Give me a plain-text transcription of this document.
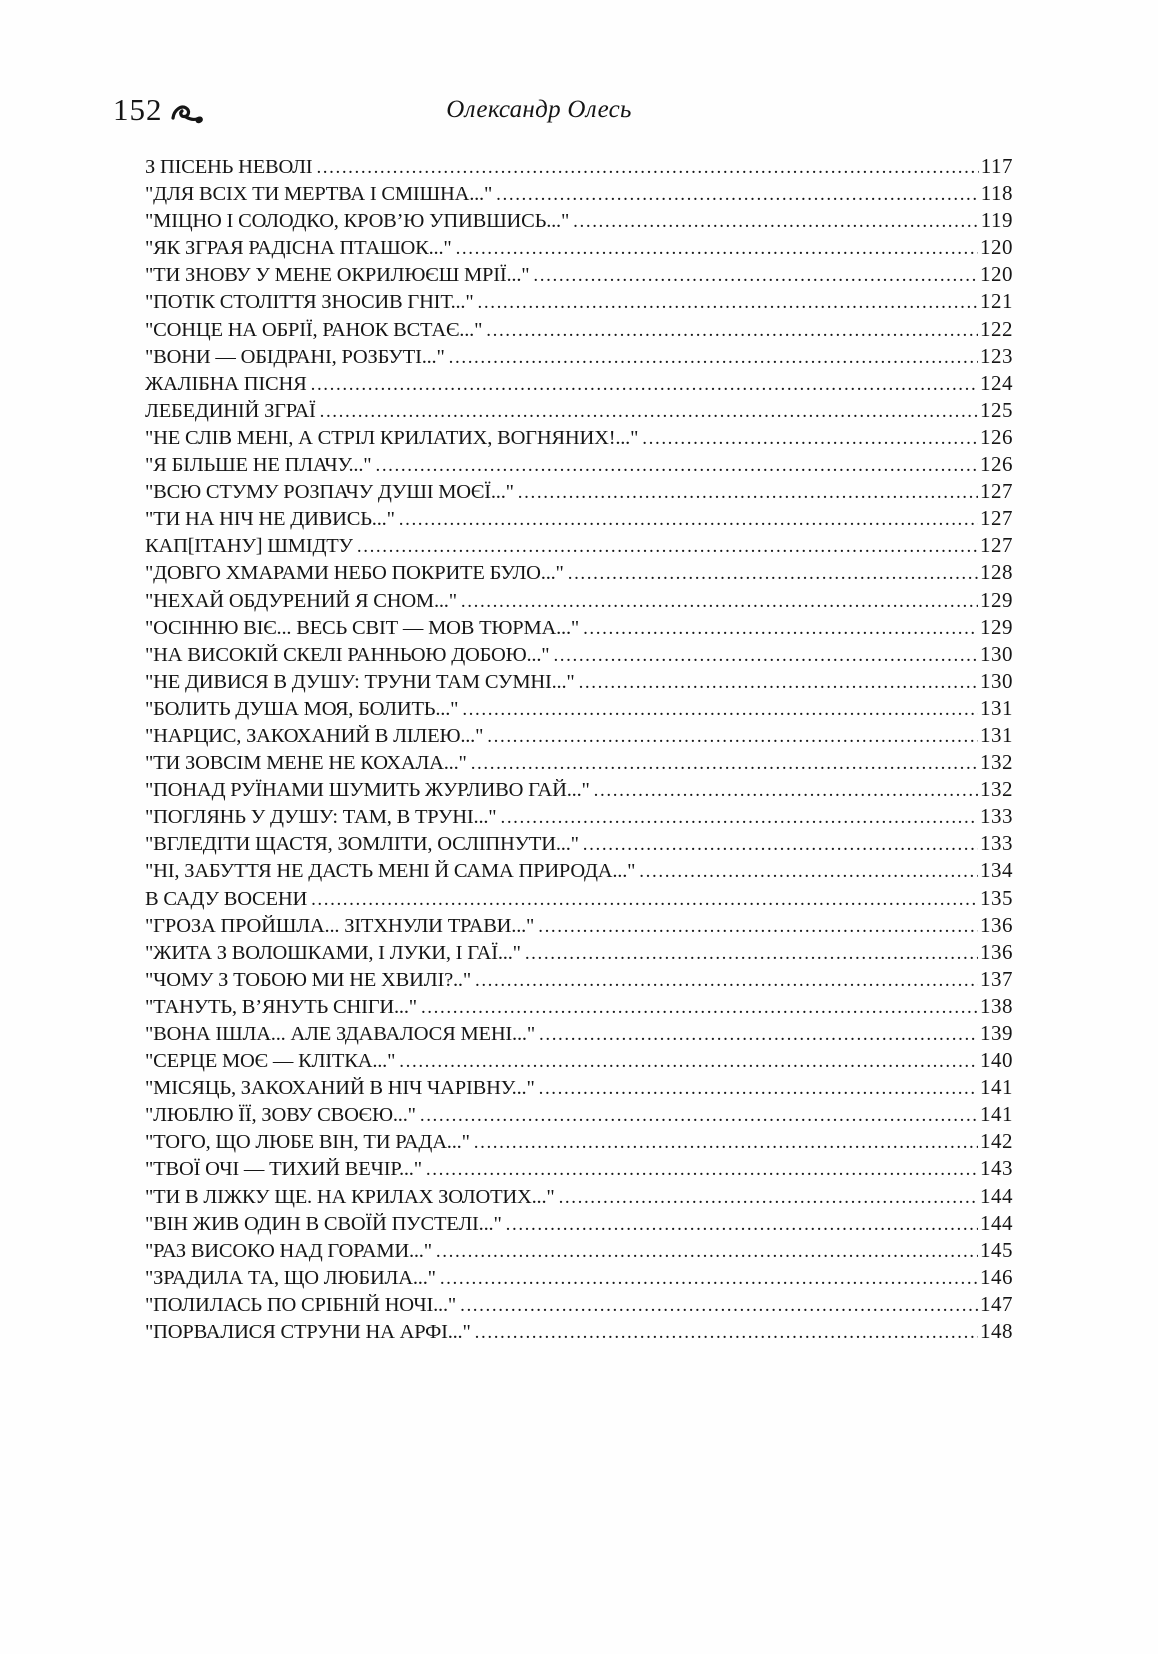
152	Олександр Олесь
З ПІСЕНЬ НЕВОЛІ .....	117
"ДЛЯ ВСІХ ТИ МЕРТВА І СМІШНА..." .....	118
"МІЦНО І СОЛОДКО, КРОВ’Ю УПИВШИСЬ..." .....	119
"ЯК ЗГРАЯ РАДІСНА ПТАШОК..." .....	120
"ТИ ЗНОВУ У МЕНЕ ОКРИЛЮЄШ МРІЇ..." .....	120
"ПОТІК СТОЛІТТЯ ЗНОСИВ ГНІТ..." .....	121
"СОНЦЕ НА ОБРІЇ, РАНОК ВСТАЄ..." .....	122
"ВОНИ — ОБІДРАНІ, РОЗБУТІ..." .....	123
ЖАЛІБНА ПІСНЯ .....	124
ЛЕБЕДИНІЙ ЗГРАЇ .....	125
"НЕ СЛІВ МЕНІ, А СТРІЛ КРИЛАТИХ, ВОГНЯНИХ!..." .....	126
"Я БІЛЬШЕ НЕ ПЛАЧУ..." .....	126
"ВСЮ СТУМУ РОЗПАЧУ ДУШІ МОЄЇ..." .....	127
"ТИ НА НІЧ НЕ ДИВИСЬ..." .....	127
КАП[ІТАНУ] ШМІДТУ .....	127
"ДОВГО ХМАРАМИ НЕБО ПОКРИТЕ БУЛО..." .....	128
"НЕХАЙ ОБДУРЕНИЙ Я СНОМ..." .....	129
"ОСІННЮ ВІЄ... ВЕСЬ СВІТ — МОВ ТЮРМА..." .....	129
"НА ВИСОКІЙ СКЕЛІ РАННЬОЮ ДОБОЮ..." .....	130
"НЕ ДИВИСЯ В ДУШУ: ТРУНИ ТАМ СУМНІ..." .....	130
"БОЛИТЬ ДУША МОЯ, БОЛИТЬ..." .....	131
"НАРЦИС, ЗАКОХАНИЙ В ЛІЛЕЮ..." .....	131
"ТИ ЗОВСІМ МЕНЕ НЕ КОХАЛА..." .....	132
"ПОНАД РУЇНАМИ ШУМИТЬ ЖУРЛИВО ГАЙ..." .....	132
"ПОГЛЯНЬ У ДУШУ: ТАМ, В ТРУНІ..." .....	133
"ВГЛЕДІТИ ЩАСТЯ, ЗОМЛІТИ, ОСЛІПНУТИ..." .....	133
"НІ, ЗАБУТТЯ НЕ ДАСТЬ МЕНІ Й САМА ПРИРОДА..." .....	134
В САДУ ВОСЕНИ .....	135
"ГРОЗА ПРОЙШЛА... ЗІТХНУЛИ ТРАВИ..." .....	136
"ЖИТА З ВОЛОШКАМИ, І ЛУКИ, І ГАЇ..." .....	136
"ЧОМУ З ТОБОЮ МИ НЕ ХВИЛІ?.." .....	137
"ТАНУТЬ, В’ЯНУТЬ СНІГИ..." .....	138
"ВОНА ІШЛА... АЛЕ ЗДАВАЛОСЯ МЕНІ..." .....	139
"СЕРЦЕ МОЄ — КЛІТКА..." .....	140
"МІСЯЦЬ, ЗАКОХАНИЙ В НІЧ ЧАРІВНУ..." .....	141
"ЛЮБЛЮ ЇЇ, ЗОВУ СВОЄЮ..." .....	141
"ТОГО, ЩО ЛЮБЕ ВІН, ТИ РАДА..." .....	142
"ТВОЇ ОЧІ — ТИХИЙ ВЕЧІР..." .....	143
"ТИ В ЛІЖКУ ЩЕ. НА КРИЛАХ ЗОЛОТИХ..." .....	144
"ВІН ЖИВ ОДИН В СВОЇЙ ПУСТЕЛІ..." .....	144
"РАЗ ВИСОКО НАД ГОРАМИ..." .....	145
"ЗРАДИЛА ТА, ЩО ЛЮБИЛА..." .....	146
"ПОЛИЛАСЬ ПО СРІБНІЙ НОЧІ..." .....	147
"ПОРВАЛИСЯ СТРУНИ НА АРФІ..." .....	148
